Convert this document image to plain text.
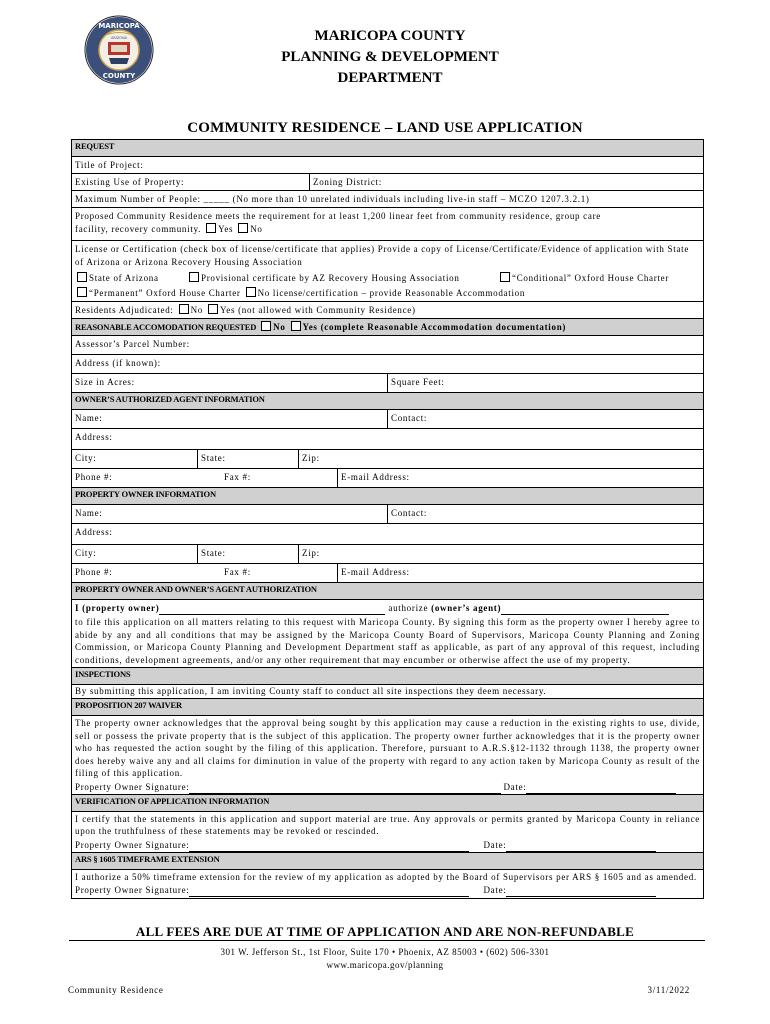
MARICOPA
ARIZONA
COUNTY
MARICOPA COUNTY
PLANNING & DEVELOPMENT
DEPARTMENT
COMMUNITY RESIDENCE – LAND USE APPLICATION
REQUEST
Title of Project:
Existing Use of Property:	Zoning District:
Maximum Number of People: _____ (No more than 10 unrelated individuals including live-in staff – MCZO 1207.3.2.1)
Proposed Community Residence meets the requirement for at least 1,200 linear feet from community residence, group care
facility, recovery community. Yes No
License or Certification (check box of license/certificate that applies) Provide a copy of License/Certificate/Evidence of application with State of Arizona or Arizona Recovery Housing Association
State of Arizona	Provisional certificate by AZ Recovery Housing Association	“Conditional” Oxford House Charter
“Permanent” Oxford House Charter No license/certification – provide Reasonable Accommodation
Residents Adjudicated: No Yes (not allowed with Community Residence)
REASONABLE ACCOMODATION REQUESTED No Yes (complete Reasonable Accommodation documentation)
Assessor’s Parcel Number:
Address (if known):
Size in Acres:	Square Feet:
OWNER’S AUTHORIZED AGENT INFORMATION
Name:	Contact:
Address:
City:	State:	Zip:
Phone #:	Fax #:	E-mail Address:
PROPERTY OWNER INFORMATION
Name:	Contact:
Address:
City:	State:	Zip:
Phone #:	Fax #:	E-mail Address:
PROPERTY OWNER AND OWNER’S AGENT AUTHORIZATION
I (property owner)	authorize (owner’s agent)
to file this application on all matters relating to this request with Maricopa County. By signing this form as the property owner I hereby agree to abide by any and all conditions that may be assigned by the Maricopa County Board of Supervisors, Maricopa County Planning and Zoning Commission, or Maricopa County Planning and Development Department staff as applicable, as part of any approval of this request, including conditions, development agreements, and/or any other requirement that may encumber or otherwise affect the use of my property.
INSPECTIONS
By submitting this application, I am inviting County staff to conduct all site inspections they deem necessary.
PROPOSITION 207 WAIVER
The property owner acknowledges that the approval being sought by this application may cause a reduction in the existing rights to use, divide, sell or possess the private property that is the subject of this application. The property owner further acknowledges that it is the property owner who has requested the action sought by the filing of this application. Therefore, pursuant to A.R.S.§12-1132 through 1138, the property owner does hereby waive any and all claims for diminution in value of the property with regard to any action taken by Maricopa County as result of the filing of this application.
Property Owner Signature:	Date:
VERIFICATION OF APPLICATION INFORMATION
I certify that the statements in this application and support material are true. Any approvals or permits granted by Maricopa County in reliance upon the truthfulness of these statements may be revoked or rescinded.
Property Owner Signature:	Date:
ARS § 1605 TIMEFRAME EXTENSION
I authorize a 50% timeframe extension for the review of my application as adopted by the Board of Supervisors per ARS § 1605 and as amended.
Property Owner Signature:	Date:
ALL FEES ARE DUE AT TIME OF APPLICATION AND ARE NON-REFUNDABLE
301 W. Jefferson St., 1st Floor, Suite 170 • Phoenix, AZ 85003 • (602) 506-3301
www.maricopa.gov/planning
Community Residence	3/11/2022
